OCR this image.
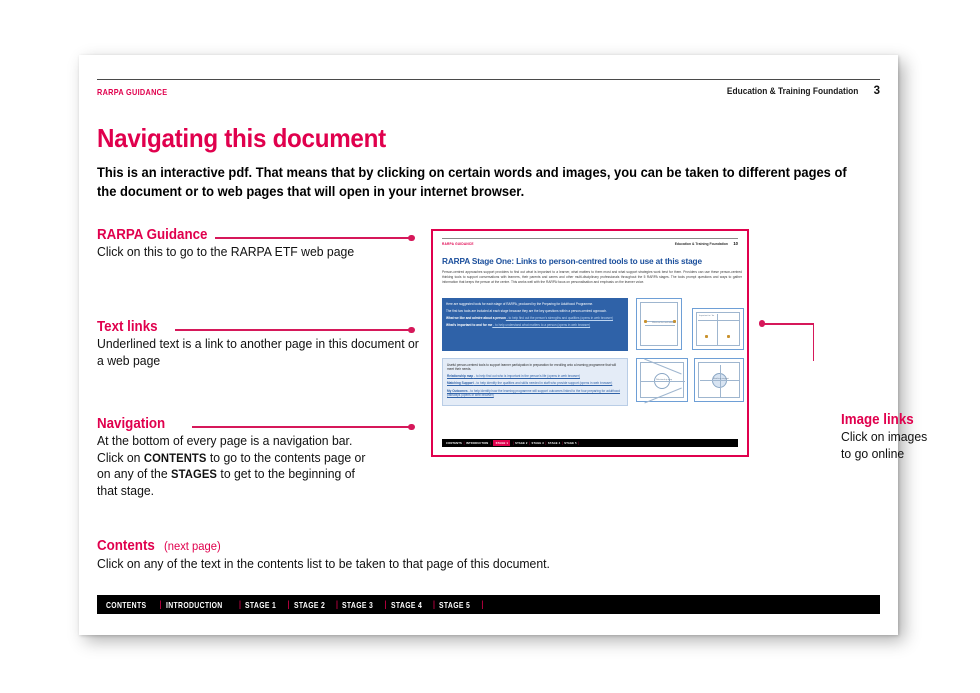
RARPA GUIDANCE	Education & Training Foundation 3
Navigating this document
This is an interactive pdf. That means that by clicking on certain words and images, you can be taken to different pages of the document or to web pages that will open in your internet browser.
RARPA Guidance
Click on this to go to the RARPA ETF web page
Text links
Underlined text is a link to another page in this document or a web page
Navigation
At the bottom of every page is a navigation bar.
Click on CONTENTS to go to the contents page or
on any of the STAGES to get to the beginning of
that stage.
Contents (next page)
Click on any of the text in the contents list to be taken to that page of this document.
CONTENTS | INTRODUCTION | STAGE 1 | STAGE 2 | STAGE 3 | STAGE 4 | STAGE 5 |
Image links
Click on images
to go online
RARPA GUIDANCE	Education & Training Foundation 10
RARPA Stage One: Links to person-centred tools to use at this stage
Person-centred approaches support providers to find out what is important to a learner, what matters to them most and what support strategies work best for them. Providers can use these person-centred thinking tools to support conversations with learners, their parents and carers and other multi-disciplinary professionals throughout the 5 RARPA stages. The tools prompt questions and ways to gather information that keeps the person at the centre. This works well with the RARPA focus on personalisation and emphasis on the learner voice.

Here are suggested tools for each stage of RARPA, produced by the Preparing for Adulthood Programme.

The first two tools are included at each stage because they are the key questions within a person-centred approach.

What we like and admire about a person - to help find out the person's strengths and qualities (opens in web browser)

What's important to and for me - to help understand what matters to a person (opens in web browser)

Useful person-centred tools to support learner participation in preparation for enrolling onto a learning programme that will meet their needs.

Relationship map - to help find out who is important in the person's life (opens in web browser)

Matching Support - to help identify the qualities and skills needed in staff who provide support (opens in web browser)

My Outcomes - to help identify how the learning programme will support outcomes linked to the four preparing for adulthood pathways (opens in web browser)

What we like and admire
Important to / for
Relationship map	Matching support
CONTENTS | INTRODUCTION |	STAGE 1	| STAGE 2 | STAGE 3 | STAGE 4 | STAGE 5 |
